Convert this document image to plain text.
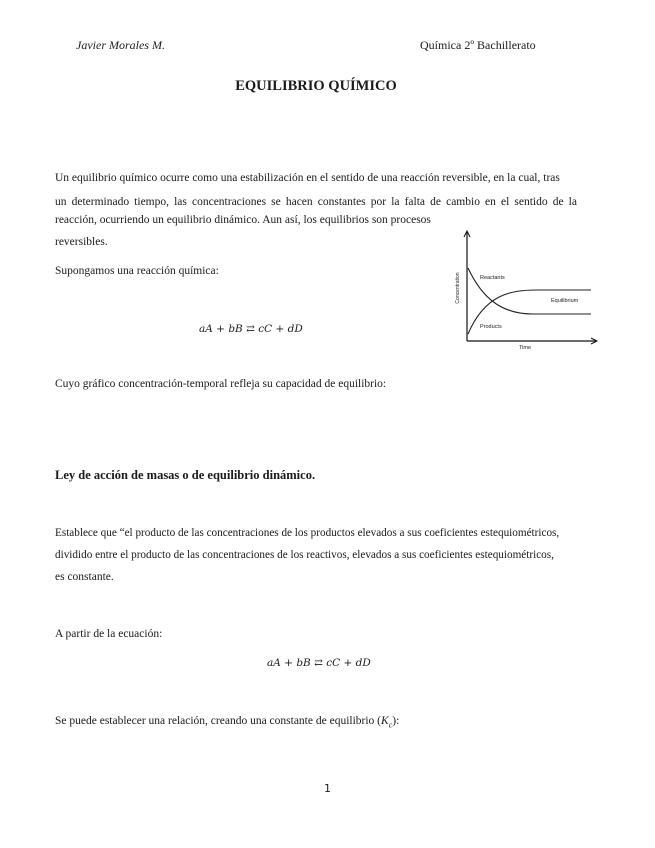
Javier Morales M.	Química 2º Bachillerato
EQUILIBRIO QUÍMICO
Un equilibrio químico ocurre como una estabilización en el sentido de una reacción reversible, en la cual, tras
un determinado tiempo, las concentraciones se hacen constantes por la falta de cambio en el sentido de la
reacción, ocurriendo un equilibrio dinámico. Aun así, los equilibrios son procesos
reversibles.
Supongamos una reacción química:
aA + bB ⇄ cC + dD
Concentration
Time
Reactants
Products
Equilibrium
Cuyo gráfico concentración-temporal refleja su capacidad de equilibrio:
Ley de acción de masas o de equilibrio dinámico.
Establece que “el producto de las concentraciones de los productos elevados a sus coeficientes estequiométricos,
dividido entre el producto de las concentraciones de los reactivos, elevados a sus coeficientes estequiométricos,
es constante.
A partir de la ecuación:
aA + bB ⇄ cC + dD
Se puede establecer una relación, creando una constante de equilibrio $(K_c)$:
1
